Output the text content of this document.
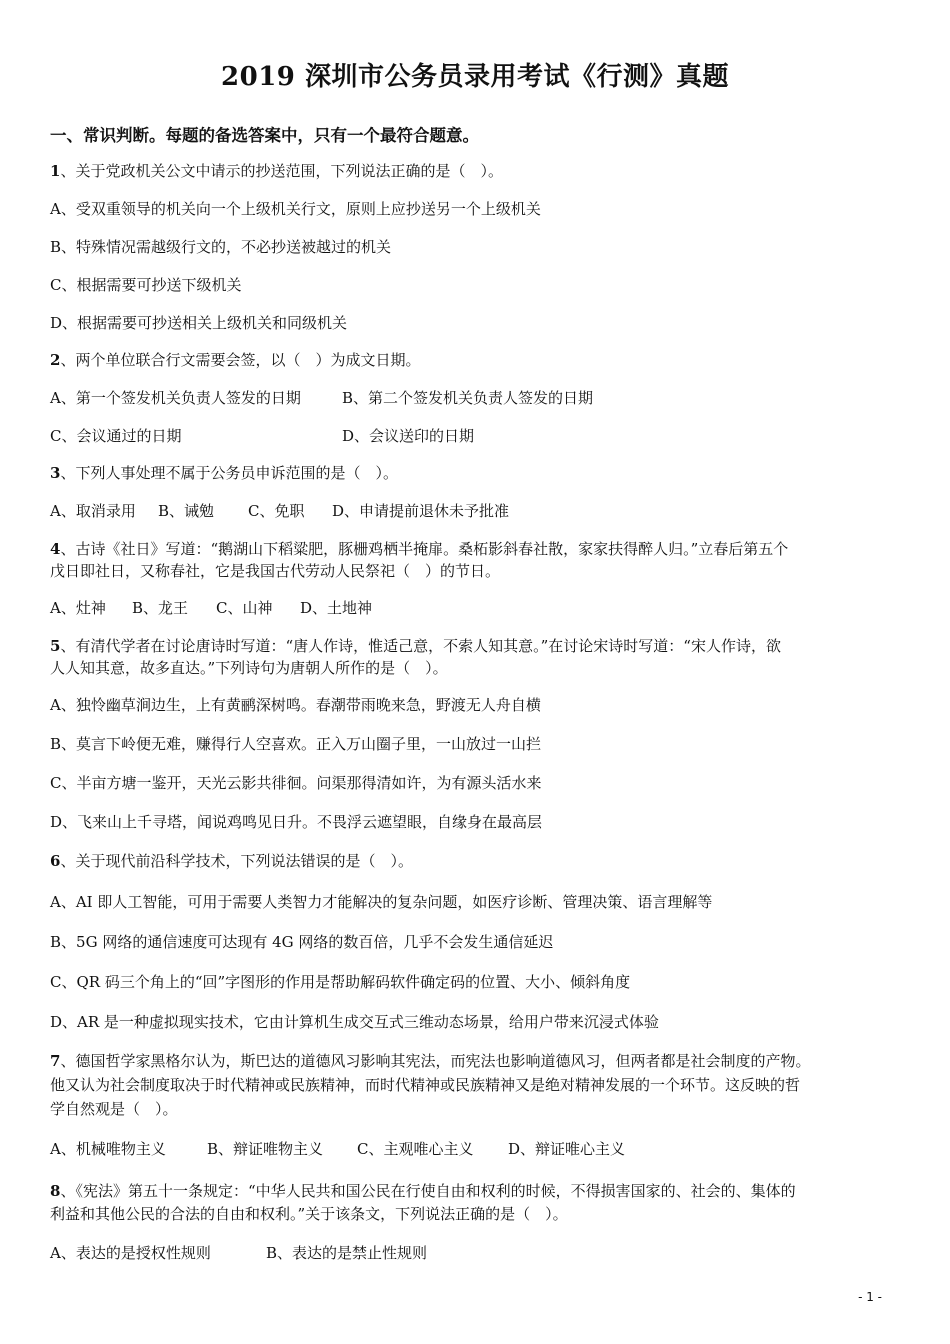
2019 深圳市公务员录用考试《行测》真题
一、常识判断。每题的备选答案中，只有一个最符合题意。
1、关于党政机关公文中请示的抄送范围，下列说法正确的是（　）。
A、受双重领导的机关向一个上级机关行文，原则上应抄送另一个上级机关
B、特殊情况需越级行文的，不必抄送被越过的机关
C、根据需要可抄送下级机关
D、根据需要可抄送相关上级机关和同级机关
2、两个单位联合行文需要会签，以（　）为成文日期。
A、第一个签发机关负责人签发的日期	B、第二个签发机关负责人签发的日期
C、会议通过的日期	D、会议送印的日期
3、下列人事处理不属于公务员申诉范围的是（　）。
A、取消录用 B、诫勉 C、免职 D、申请提前退休未予批准
4、古诗《社日》写道：“鹅湖山下稻粱肥，豚栅鸡栖半掩扉。桑柘影斜春社散，家家扶得醉人归。”立春后第五个
戊日即社日，又称春社，它是我国古代劳动人民祭祀（　）的节日。
A、灶神 B、龙王 C、山神 D、土地神
5、有清代学者在讨论唐诗时写道：“唐人作诗，惟适己意，不索人知其意。”在讨论宋诗时写道：“宋人作诗，欲
人人知其意，故多直达。”下列诗句为唐朝人所作的是（　）。
A、独怜幽草涧边生，上有黄鹂深树鸣。春潮带雨晚来急，野渡无人舟自横
B、莫言下岭便无难，赚得行人空喜欢。正入万山圈子里，一山放过一山拦
C、半亩方塘一鉴开，天光云影共徘徊。问渠那得清如许，为有源头活水来
D、飞来山上千寻塔，闻说鸡鸣见日升。不畏浮云遮望眼，自缘身在最高层
6、关于现代前沿科学技术，下列说法错误的是（　）。
A、AI 即人工智能，可用于需要人类智力才能解决的复杂问题，如医疗诊断、管理决策、语言理解等
B、5G 网络的通信速度可达现有 4G 网络的数百倍，几乎不会发生通信延迟
C、QR 码三个角上的“回”字图形的作用是帮助解码软件确定码的位置、大小、倾斜角度
D、AR 是一种虚拟现实技术，它由计算机生成交互式三维动态场景，给用户带来沉浸式体验
7、德国哲学家黑格尔认为，斯巴达的道德风习影响其宪法，而宪法也影响道德风习，但两者都是社会制度的产物。
他又认为社会制度取决于时代精神或民族精神，而时代精神或民族精神又是绝对精神发展的一个环节。这反映的哲
学自然观是（　）。
A、机械唯物主义	B、辩证唯物主义 C、主观唯心主义 D、辩证唯心主义
8、《宪法》第五十一条规定：“中华人民共和国公民在行使自由和权利的时候，不得损害国家的、社会的、集体的
利益和其他公民的合法的自由和权利。”关于该条文，下列说法正确的是（　）。
A、表达的是授权性规则	B、表达的是禁止性规则
- 1 -
